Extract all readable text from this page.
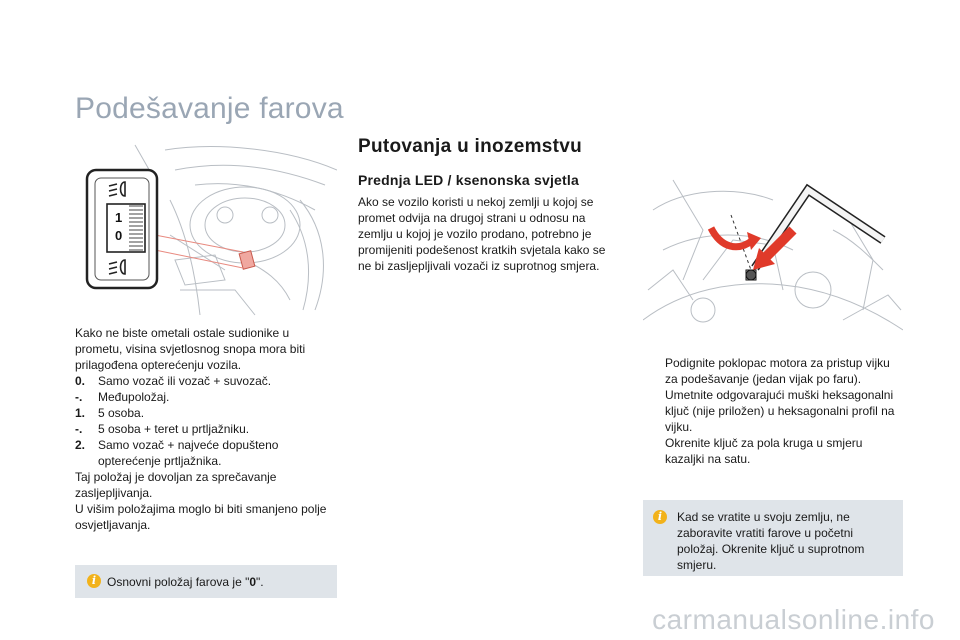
Podešavanje farova
1
0
Kako ne biste ometali ostale sudionike u prometu, visina svjetlosnog snopa mora biti prilagođena opterećenju vozila.
0.	Samo vozač ili vozač + suvozač.
-.	Međupoložaj.
1.	5 osoba.
-.	5 osoba + teret u prtljažniku.
2.	Samo vozač + najveće dopušteno opterećenje prtljažnika.
Taj položaj je dovoljan za sprečavanje zasljepljivanja.
U višim položajima moglo bi biti smanjeno polje osvjetljavanja.
i Osnovni položaj farova je "0".
Putovanja u inozemstvu
Prednja LED / ksenonska svjetla
Ako se vozilo koristi u nekoj zemlji u kojoj se promet odvija na drugoj strani u odnosu na zemlju u kojoj je vozilo prodano, potrebno je promijeniti podešenost kratkih svjetala kako se ne bi zasljepljivali vozači iz suprotnog smjera.
Podignite poklopac motora za pristup vijku za podešavanje (jedan vijak po faru).
Umetnite odgovarajući muški heksagonalni ključ (nije priložen) u heksagonalni profil na vijku.
Okrenite ključ za pola kruga u smjeru kazaljki na satu.
i	Kad se vratite u svoju zemlju, ne zaboravite vratiti farove u početni položaj. Okrenite ključ u suprotnom smjeru.
carmanualsonline.info
